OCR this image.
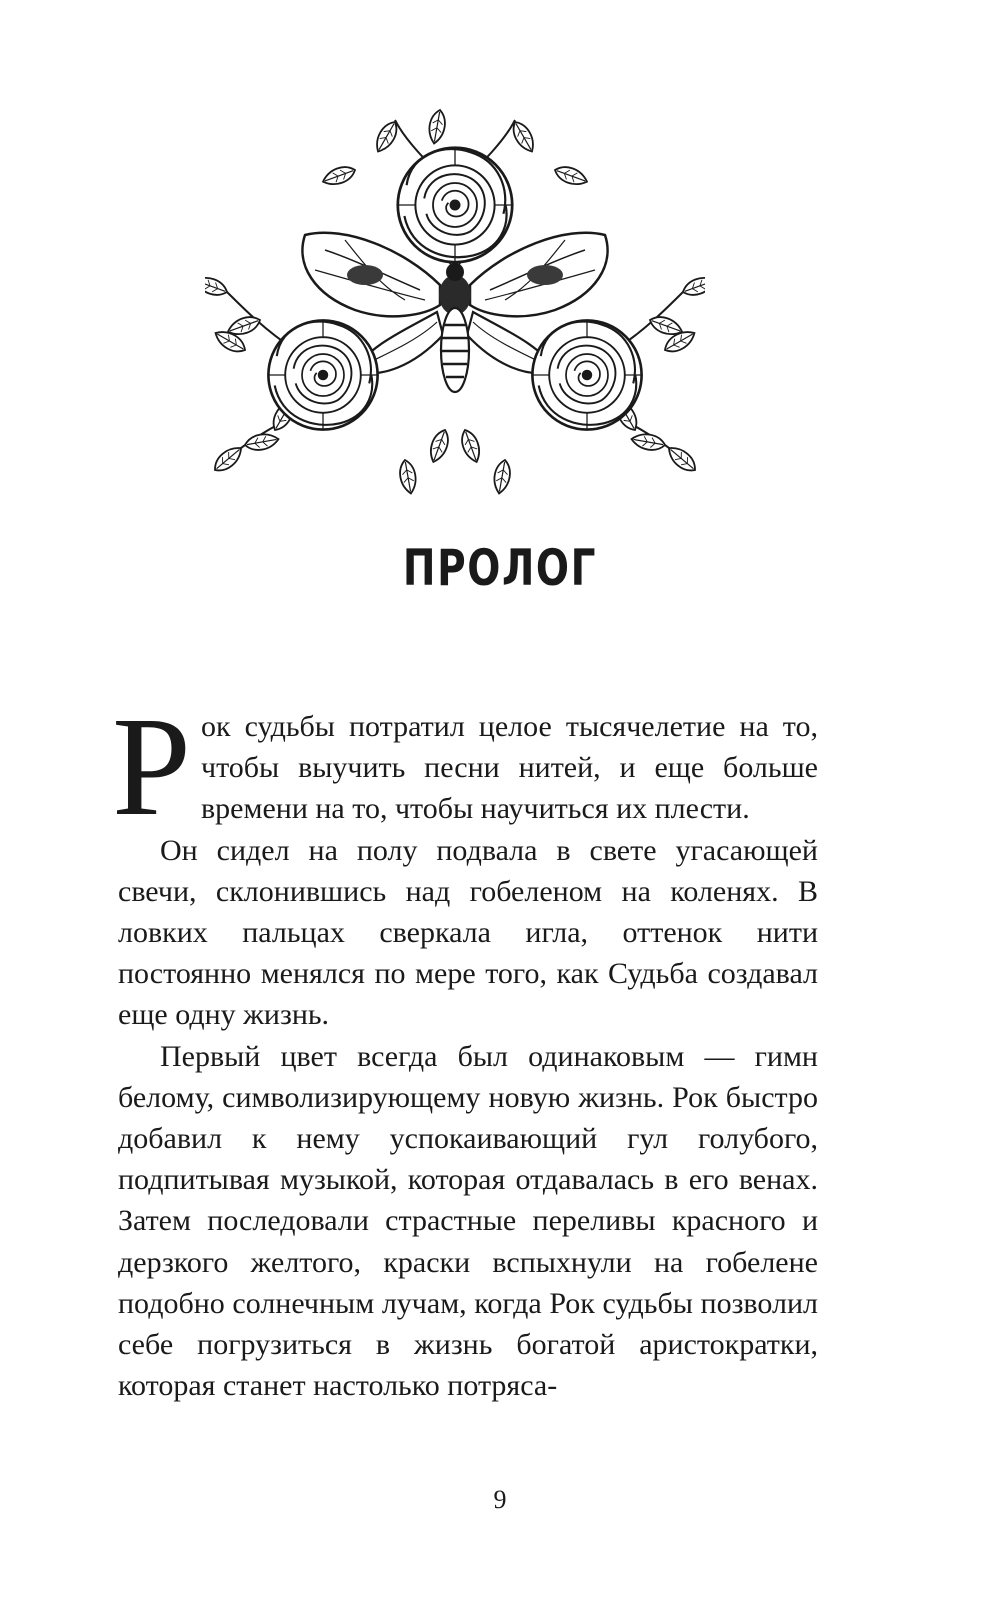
ПРОЛОГ

Рок судьбы потратил целое тысячелетие на то, чтобы выучить песни нитей, и еще больше времени на то, чтобы научиться их плести.

Он сидел на полу подвала в свете угасающей свечи, склонившись над гобеленом на коленях. В ловких пальцах сверкала игла, оттенок нити постоянно менялся по мере того, как Судьба создавал еще одну жизнь.

Первый цвет всегда был одинаковым — гимн белому, символизирующему новую жизнь. Рок быстро добавил к нему успокаивающий гул голубого, подпитывая музыкой, которая отдавалась в его венах. Затем последовали страстные переливы красного и дерзкого желтого, краски вспыхнули на гобелене подобно солнечным лучам, когда Рок судьбы позволил себе погрузиться в жизнь богатой аристократки, которая станет настолько потряса-

9
